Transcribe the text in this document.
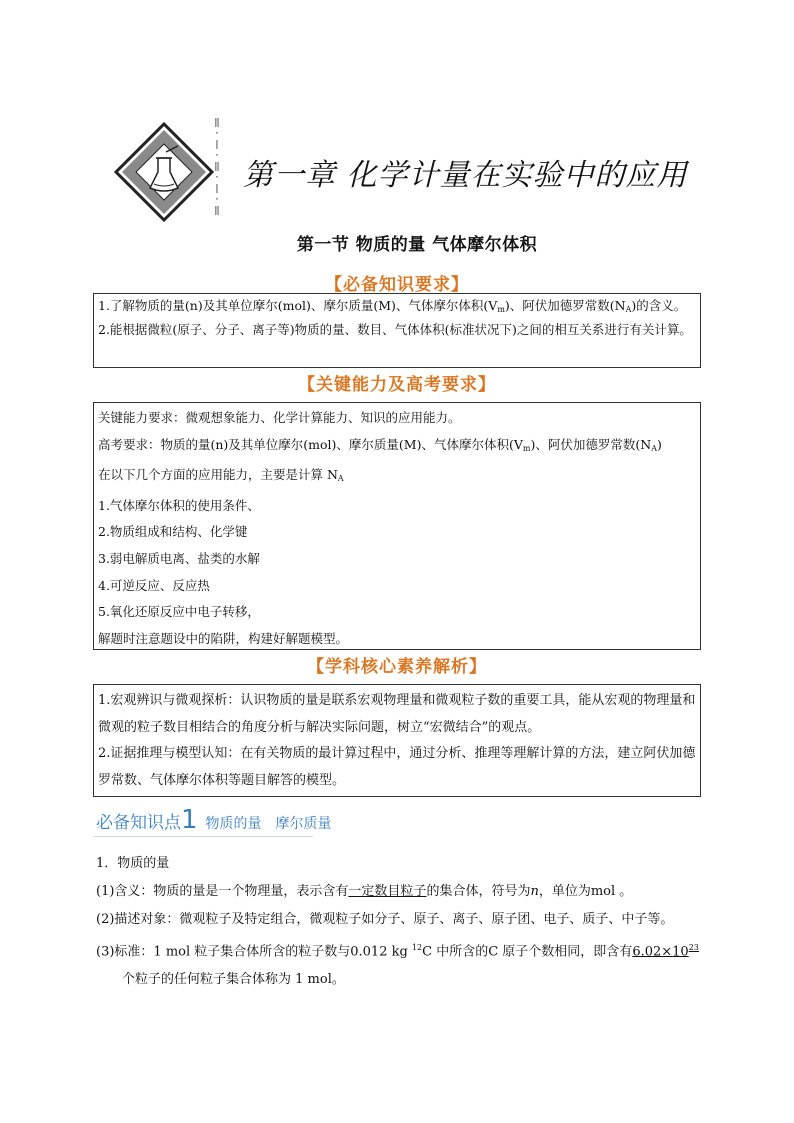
‖
·
|
·
‖
·
|
·
‖
第一章 化学计量在实验中的应用
第一节 物质的量 气体摩尔体积
【必备知识要求】

1.了解物质的量(n)及其单位摩尔(mol)、摩尔质量(M)、气体摩尔体积$(V_m)$、阿伏加德罗常数$(N_A)$的含义。

2.能根据微粒(原子、分子、离子等)物质的量、数目、气体体积(标准状况下)之间的相互关系进行有关计算。

【关键能力及高考要求】

关键能力要求：微观想象能力、化学计算能力、知识的应用能力。

高考要求：物质的量(n)及其单位摩尔(mol)、摩尔质量(M)、气体摩尔体积$(V_m)$、阿伏加德罗常数$(N_A)$

在以下几个方面的应用能力，主要是计算 $N_A$

1.气体摩尔体积的使用条件、

2.物质组成和结构、化学键

3.弱电解质电离、盐类的水解

4.可逆反应、反应热

5.氧化还原反应中电子转移，

解题时注意题设中的陷阱，构建好解题模型。

【学科核心素养解析】

1.宏观辨识与微观探析：认识物质的量是联系宏观物理量和微观粒子数的重要工具，能从宏观的物理量和微观的粒子数目相结合的角度分析与解决实际问题，树立“宏微结合”的观点。

2.证据推理与模型认知：在有关物质的最计算过程中，通过分析、推理等理解计算的方法，建立阿伏加德罗常数、气体摩尔体积等题目解答的模型。

必备知识点1 物质的量 摩尔质量

1．物质的量

(1)含义：物质的量是一个物理量，表示含有一定数目粒子的集合体，符号为n，单位为mol 。

(2)描述对象：微观粒子及特定组合，微观粒子如分子、原子、离子、原子团、电子、质子、中子等。

(3)标准：1 mol 粒子集合体所含的粒子数与0.012 kg $^{12}$C 中所含的C 原子个数相同，即含有$6.02\times 10^{23}$个粒子的任何粒子集合体称为 1 mol。
